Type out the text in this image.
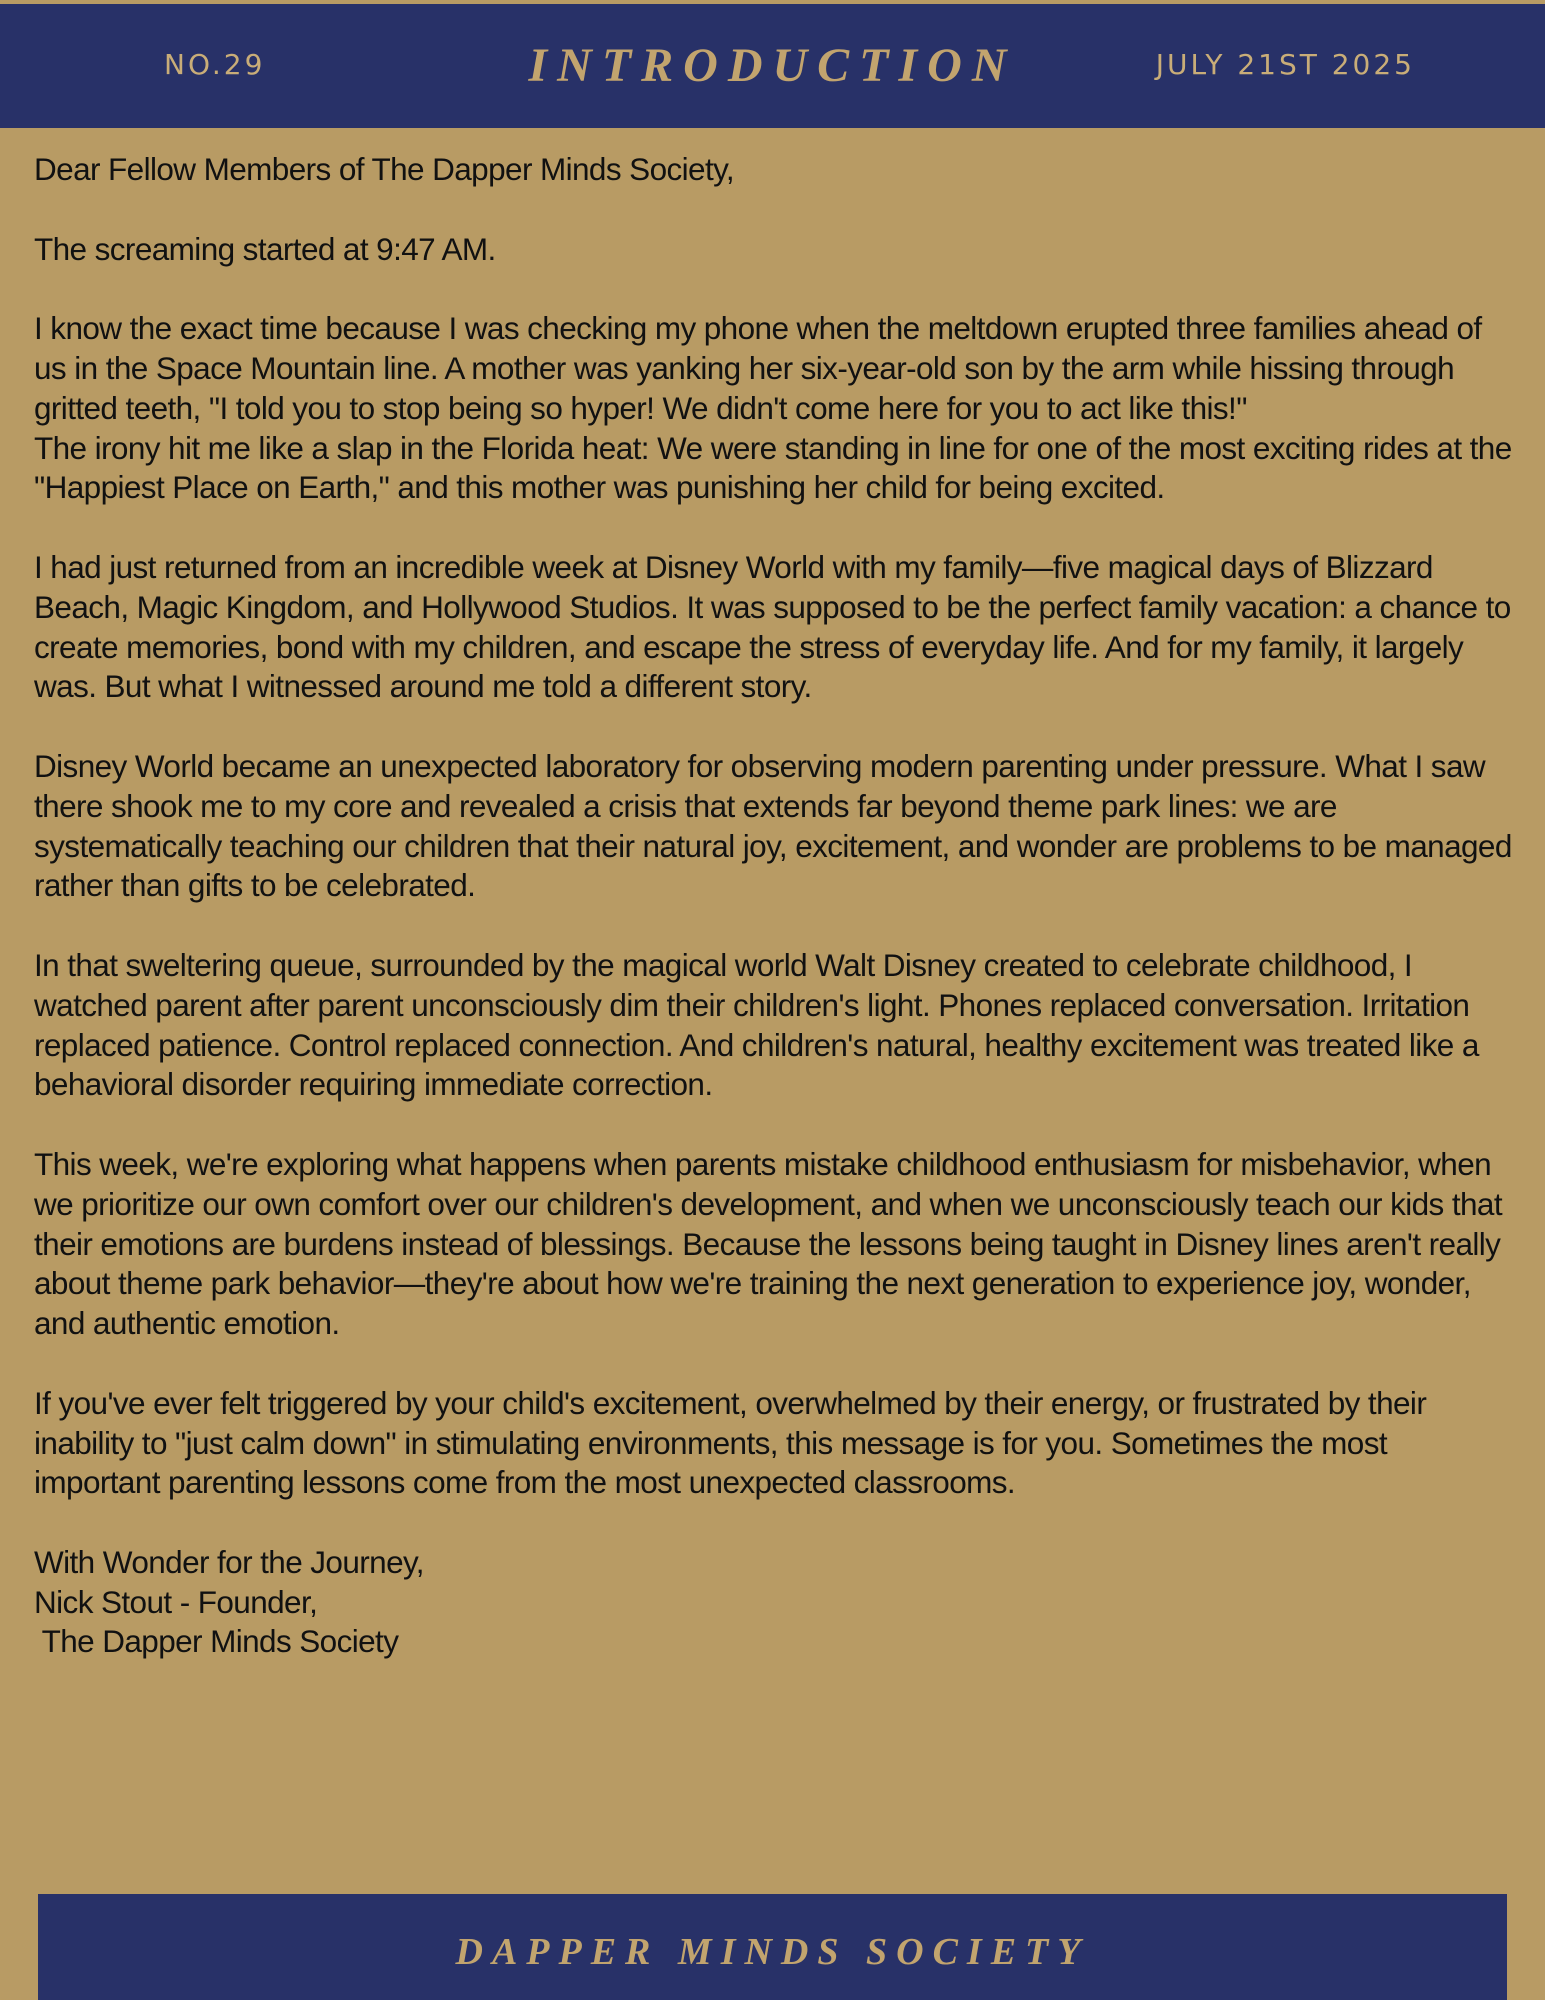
NO.29	INTRODUCTION	JULY 21ST 2025

Dear Fellow Members of The Dapper Minds Society,

The screaming started at 9:47 AM.

I know the exact time because I was checking my phone when the meltdown erupted three families ahead of us in the Space Mountain line. A mother was yanking her six-year-old son by the arm while hissing through gritted teeth, "I told you to stop being so hyper! We didn't come here for you to act like this!"

The irony hit me like a slap in the Florida heat: We were standing in line for one of the most exciting rides at the "Happiest Place on Earth," and this mother was punishing her child for being excited.

I had just returned from an incredible week at Disney World with my family—five magical days of Blizzard Beach, Magic Kingdom, and Hollywood Studios. It was supposed to be the perfect family vacation: a chance to create memories, bond with my children, and escape the stress of everyday life. And for my family, it largely was. But what I witnessed around me told a different story.

Disney World became an unexpected laboratory for observing modern parenting under pressure. What I saw there shook me to my core and revealed a crisis that extends far beyond theme park lines: we are systematically teaching our children that their natural joy, excitement, and wonder are problems to be managed rather than gifts to be celebrated.

In that sweltering queue, surrounded by the magical world Walt Disney created to celebrate childhood, I watched parent after parent unconsciously dim their children's light. Phones replaced conversation. Irritation replaced patience. Control replaced connection. And children's natural, healthy excitement was treated like a behavioral disorder requiring immediate correction.

This week, we're exploring what happens when parents mistake childhood enthusiasm for misbehavior, when we prioritize our own comfort over our children's development, and when we unconsciously teach our kids that their emotions are burdens instead of blessings. Because the lessons being taught in Disney lines aren't really about theme park behavior—they're about how we're training the next generation to experience joy, wonder, and authentic emotion.

If you've ever felt triggered by your child's excitement, overwhelmed by their energy, or frustrated by their inability to "just calm down" in stimulating environments, this message is for you. Sometimes the most important parenting lessons come from the most unexpected classrooms.

With Wonder for the Journey,
Nick Stout - Founder,
The Dapper Minds Society
DAPPER MINDS SOCIETY
